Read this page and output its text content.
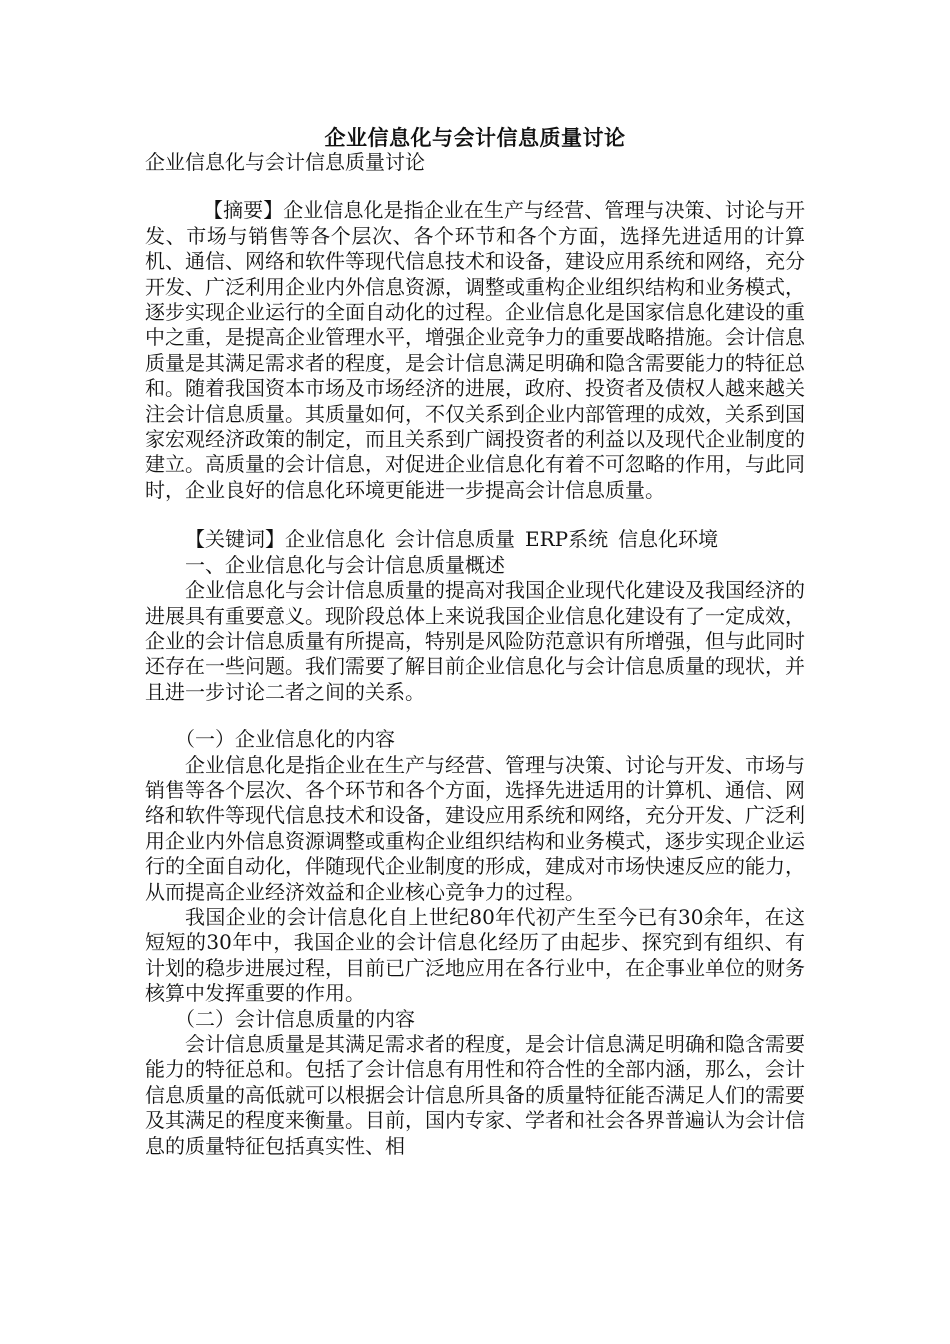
企业信息化与会计信息质量讨论

企业信息化与会计信息质量讨论

【摘要】企业信息化是指企业在生产与经营、管理与决策、讨论与开发、市场与销售等各个层次、各个环节和各个方面，选择先进适用的计算机、通信、网络和软件等现代信息技术和设备，建设应用系统和网络，充分开发、广泛利用企业内外信息资源，调整或重构企业组织结构和业务模式，逐步实现企业运行的全面自动化的过程。企业信息化是国家信息化建设的重中之重，是提高企业管理水平，增强企业竞争力的重要战略措施。会计信息质量是其满足需求者的程度，是会计信息满足明确和隐含需要能力的特征总和。随着我国资本市场及市场经济的进展，政府、投资者及债权人越来越关注会计信息质量。其质量如何，不仅关系到企业内部管理的成效，关系到国家宏观经济政策的制定，而且关系到广阔投资者的利益以及现代企业制度的建立。高质量的会计信息，对促进企业信息化有着不可忽略的作用，与此同时，企业良好的信息化环境更能进一步提高会计信息质量。

【关键词】企业信息化 会计信息质量 ERP系统 信息化环境

一、企业信息化与会计信息质量概述

企业信息化与会计信息质量的提高对我国企业现代化建设及我国经济的进展具有重要意义。现阶段总体上来说我国企业信息化建设有了一定成效，企业的会计信息质量有所提高，特别是风险防范意识有所增强，但与此同时还存在一些问题。我们需要了解目前企业信息化与会计信息质量的现状，并且进一步讨论二者之间的关系。

（一）企业信息化的内容

企业信息化是指企业在生产与经营、管理与决策、讨论与开发、市场与销售等各个层次、各个环节和各个方面，选择先进适用的计算机、通信、网络和软件等现代信息技术和设备，建设应用系统和网络，充分开发、广泛利用企业内外信息资源调整或重构企业组织结构和业务模式，逐步实现企业运行的全面自动化，伴随现代企业制度的形成，建成对市场快速反应的能力，从而提高企业经济效益和企业核心竞争力的过程。

我国企业的会计信息化自上世纪80年代初产生至今已有30余年，在这短短的30年中，我国企业的会计信息化经历了由起步、探究到有组织、有计划的稳步进展过程，目前已广泛地应用在各行业中，在企事业单位的财务核算中发挥重要的作用。

（二）会计信息质量的内容

会计信息质量是其满足需求者的程度，是会计信息满足明确和隐含需要能力的特征总和。包括了会计信息有用性和符合性的全部内涵，那么，会计信息质量的高低就可以根据会计信息所具备的质量特征能否满足人们的需要及其满足的程度来衡量。目前，国内专家、学者和社会各界普遍认为会计信息的质量特征包括真实性、相
